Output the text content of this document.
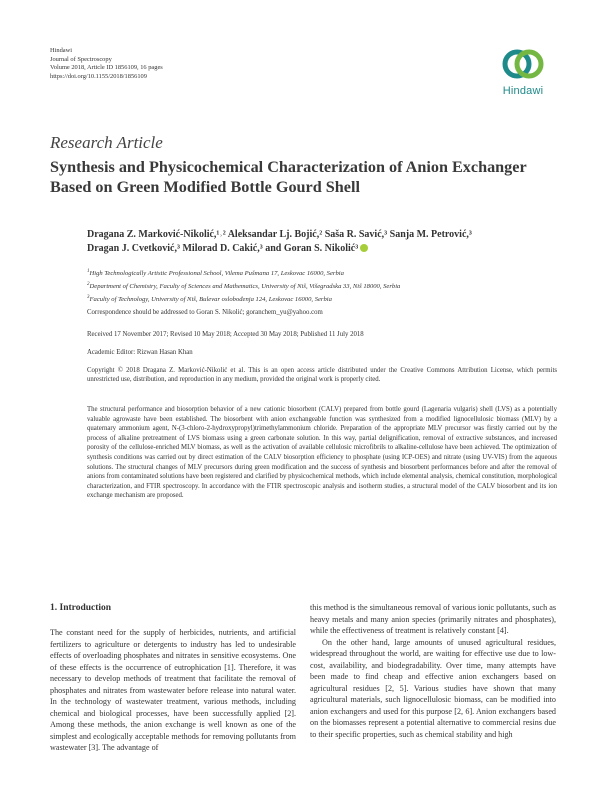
Hindawi
Journal of Spectroscopy
Volume 2018, Article ID 1856109, 16 pages
https://doi.org/10.1155/2018/1856109
Hindawi
Research Article
Synthesis and Physicochemical Characterization of Anion Exchanger Based on Green Modified Bottle Gourd Shell
Dragana Z. Marković-Nikolić,¹˒² Aleksandar Lj. Bojić,² Saša R. Savić,³ Sanja M. Petrović,³
Dragan J. Cvetković,³ Milorad D. Cakić,³ and Goran S. Nikolić³
$^1$High Technologically Artistic Professional School, Vilema Pušmana 17, Leskovac 16000, Serbia
$^2$Department of Chemistry, Faculty of Sciences and Mathematics, University of Niš, Višegradska 33, Niš 18000, Serbia
$^3$Faculty of Technology, University of Niš, Bulevar oslobođenja 124, Leskovac 16000, Serbia
Correspondence should be addressed to Goran S. Nikolić; goranchem_yu@yahoo.com
Received 17 November 2017; Revised 10 May 2018; Accepted 30 May 2018; Published 11 July 2018
Academic Editor: Rizwan Hasan Khan
Copyright © 2018 Dragana Z. Marković-Nikolić et al. This is an open access article distributed under the Creative Commons Attribution License, which permits unrestricted use, distribution, and reproduction in any medium, provided the original work is properly cited.
The structural performance and biosorption behavior of a new cationic biosorbent (CALV) prepared from bottle gourd (Lagenaria vulgaris) shell (LVS) as a potentially valuable agrowaste have been established. The biosorbent with anion exchangeable function was synthesized from a modified lignocellulosic biomass (MLV) by a quaternary ammonium agent, N-(3-chloro-2-hydroxypropyl)trimethylammonium chloride. Preparation of the appropriate MLV precursor was firstly carried out by the process of alkaline pretreatment of LVS biomass using a green carbonate solution. In this way, partial delignification, removal of extractive substances, and increased porosity of the cellulose-enriched MLV biomass, as well as the activation of available cellulosic microfibrils to alkaline-cellulose have been achieved. The optimization of synthesis conditions was carried out by direct estimation of the CALV biosorption efficiency to phosphate (using ICP-OES) and nitrate (using UV-VIS) from the aqueous solutions. The structural changes of MLV precursors during green modification and the success of synthesis and biosorbent performances before and after the removal of anions from contaminated solutions have been registered and clarified by physicochemical methods, which include elemental analysis, chemical constitution, morphological characterization, and FTIR spectroscopy. In accordance with the FTIR spectroscopic analysis and isotherm studies, a structural model of the CALV biosorbent and its ion exchange mechanism are proposed.
1. Introduction

The constant need for the supply of herbicides, nutrients, and artificial fertilizers to agriculture or detergents to industry has led to undesirable effects of overloading phosphates and nitrates in sensitive ecosystems. One of these effects is the occurrence of eutrophication [1]. Therefore, it was necessary to develop methods of treatment that facilitate the removal of phosphates and nitrates from wastewater before release into natural water. In the technology of wastewater treatment, various methods, including chemical and biological processes, have been successfully applied [2]. Among these methods, the anion exchange is well known as one of the simplest and ecologically acceptable methods for removing pollutants from wastewater [3]. The advantage of

this method is the simultaneous removal of various ionic pollutants, such as heavy metals and many anion species (primarily nitrates and phosphates), while the effectiveness of treatment is relatively constant [4].

On the other hand, large amounts of unused agricultural residues, widespread throughout the world, are waiting for effective use due to low-cost, availability, and biodegradability. Over time, many attempts have been made to find cheap and effective anion exchangers based on agricultural residues [2, 5]. Various studies have shown that many agricultural materials, such lignocellulosic biomass, can be modified into anion exchangers and used for this purpose [2, 6]. Anion exchangers based on the biomasses represent a potential alternative to commercial resins due to their specific properties, such as chemical stability and high
